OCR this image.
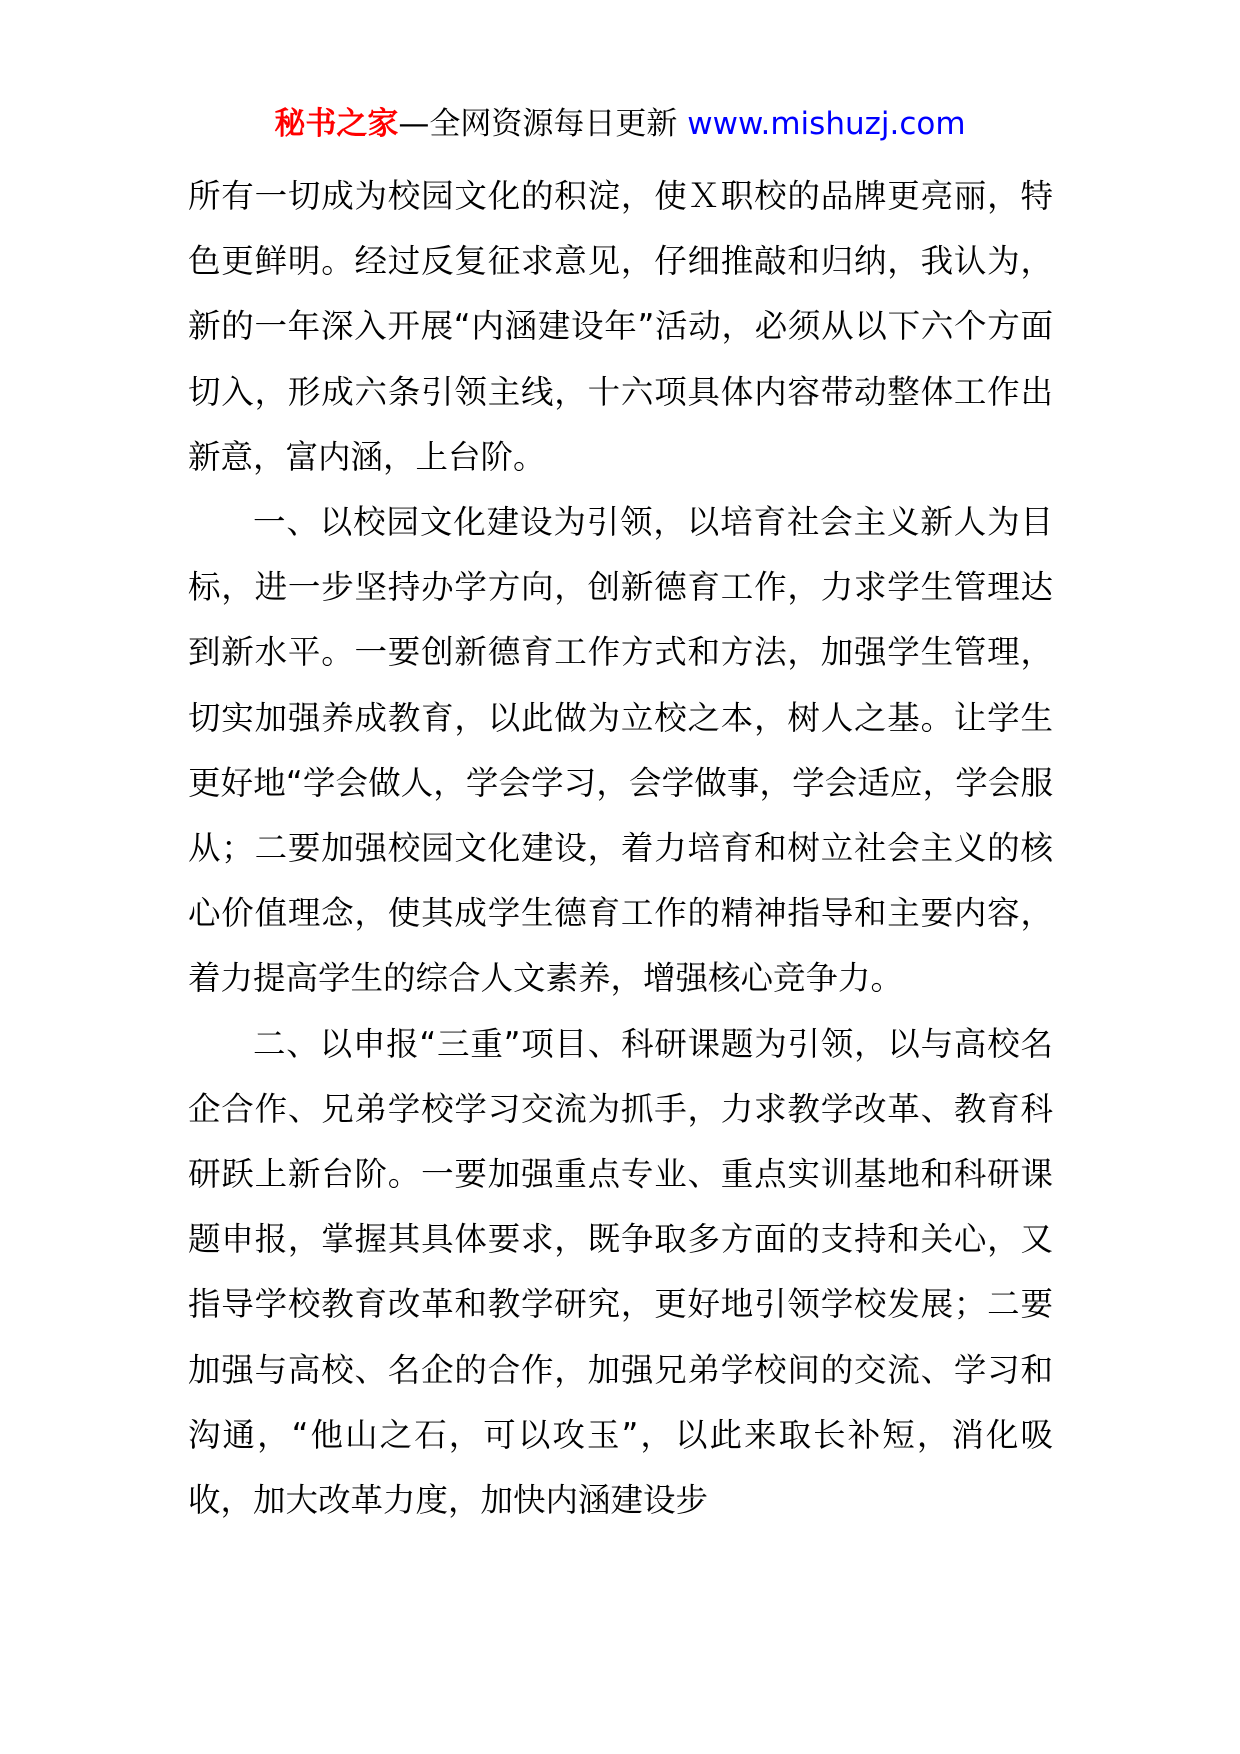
秘书之家—全网资源每日更新 www.mishuzj.com

所有一切成为校园文化的积淀，使Ｘ职校的品牌更亮丽，特色更鲜明。经过反复征求意见，仔细推敲和归纳，我认为，新的一年深入开展“内涵建设年”活动，必须从以下六个方面切入，形成六条引领主线，十六项具体内容带动整体工作出新意，富内涵，上台阶。

一、以校园文化建设为引领，以培育社会主义新人为目标，进一步坚持办学方向，创新德育工作，力求学生管理达到新水平。一要创新德育工作方式和方法，加强学生管理，切实加强养成教育，以此做为立校之本，树人之基。让学生更好地“学会做人，学会学习，会学做事，学会适应，学会服从；二要加强校园文化建设，着力培育和树立社会主义的核心价值理念，使其成学生德育工作的精神指导和主要内容，着力提高学生的综合人文素养，增强核心竞争力。

二、以申报“三重”项目、科研课题为引领，以与高校名企合作、兄弟学校学习交流为抓手，力求教学改革、教育科研跃上新台阶。一要加强重点专业、重点实训基地和科研课题申报，掌握其具体要求，既争取多方面的支持和关心，又指导学校教育改革和教学研究，更好地引领学校发展；二要加强与高校、名企的合作，加强兄弟学校间的交流、学习和沟通，“他山之石，可以攻玉”，以此来取长补短，消化吸收，加大改革力度，加快内涵建设步
